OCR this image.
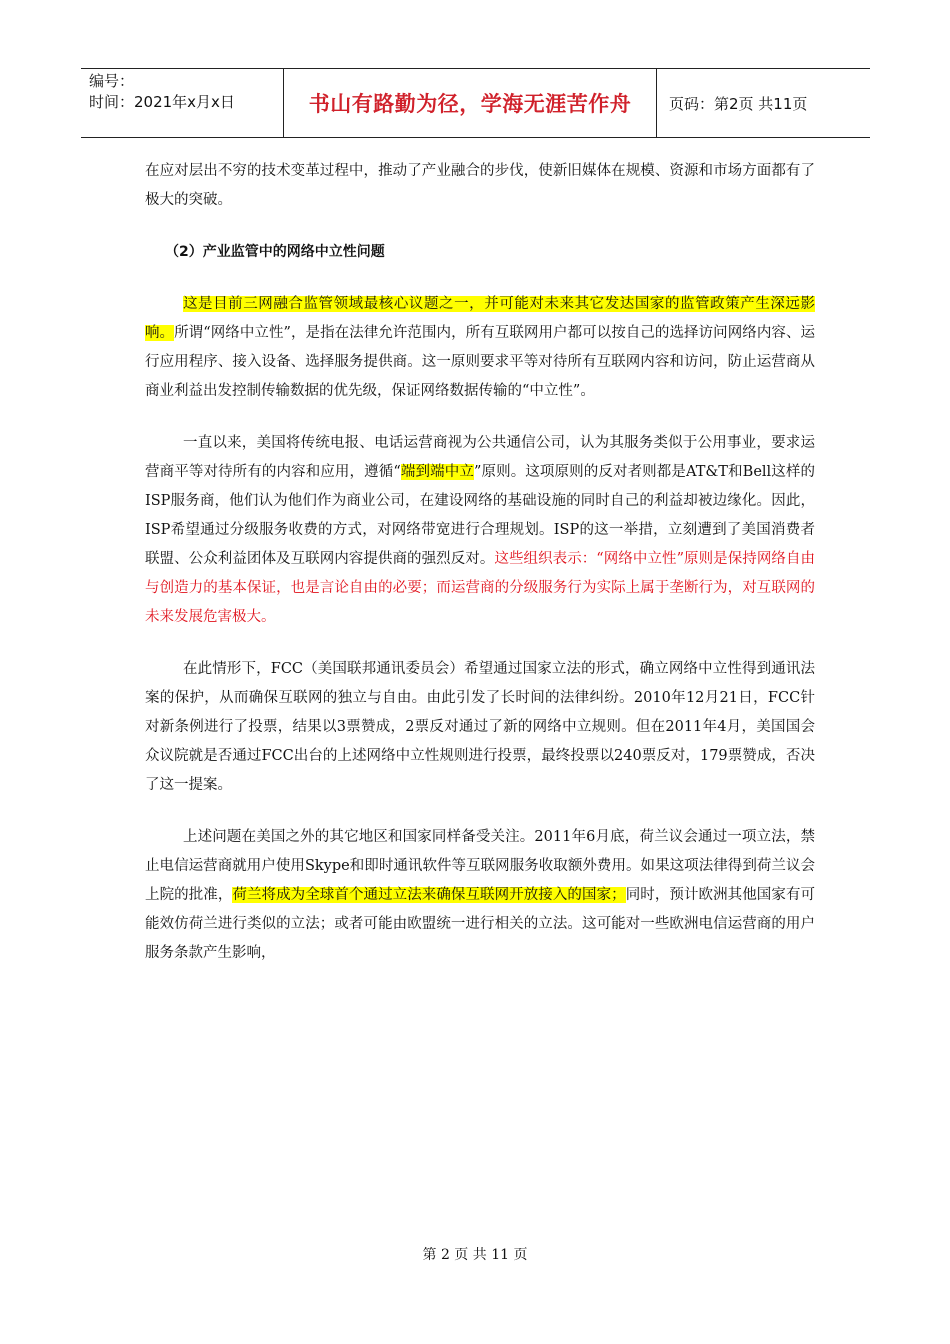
编号：
时间：2021年x月x日	书山有路勤为径，学海无涯苦作舟	页码：第2页 共11页

在应对层出不穷的技术变革过程中，推动了产业融合的步伐，使新旧媒体在规模、资源和市场方面都有了极大的突破。

（2）产业监管中的网络中立性问题

这是目前三网融合监管领域最核心议题之一，并可能对未来其它发达国家的监管政策产生深远影响。所谓“网络中立性”，是指在法律允许范围内，所有互联网用户都可以按自己的选择访问网络内容、运行应用程序、接入设备、选择服务提供商。这一原则要求平等对待所有互联网内容和访问，防止运营商从商业利益出发控制传输数据的优先级，保证网络数据传输的“中立性”。

一直以来，美国将传统电报、电话运营商视为公共通信公司，认为其服务类似于公用事业，要求运营商平等对待所有的内容和应用，遵循“端到端中立”原则。这项原则的反对者则都是AT&T和Bell这样的ISP服务商，他们认为他们作为商业公司，在建设网络的基础设施的同时自己的利益却被边缘化。因此，ISP希望通过分级服务收费的方式，对网络带宽进行合理规划。ISP的这一举措，立刻遭到了美国消费者联盟、公众利益团体及互联网内容提供商的强烈反对。这些组织表示：“网络中立性”原则是保持网络自由与创造力的基本保证，也是言论自由的必要；而运营商的分级服务行为实际上属于垄断行为，对互联网的未来发展危害极大。

在此情形下，FCC（美国联邦通讯委员会）希望通过国家立法的形式，确立网络中立性得到通讯法案的保护，从而确保互联网的独立与自由。由此引发了长时间的法律纠纷。2010年12月21日，FCC针对新条例进行了投票，结果以3票赞成，2票反对通过了新的网络中立规则。但在2011年4月，美国国会众议院就是否通过FCC出台的上述网络中立性规则进行投票，最终投票以240票反对，179票赞成，否决了这一提案。

上述问题在美国之外的其它地区和国家同样备受关注。2011年6月底，荷兰议会通过一项立法，禁止电信运营商就用户使用Skype和即时通讯软件等互联网服务收取额外费用。如果这项法律得到荷兰议会上院的批准，荷兰将成为全球首个通过立法来确保互联网开放接入的国家；同时，预计欧洲其他国家有可能效仿荷兰进行类似的立法；或者可能由欧盟统一进行相关的立法。这可能对一些欧洲电信运营商的用户服务条款产生影响，

第 2 页 共 11 页
